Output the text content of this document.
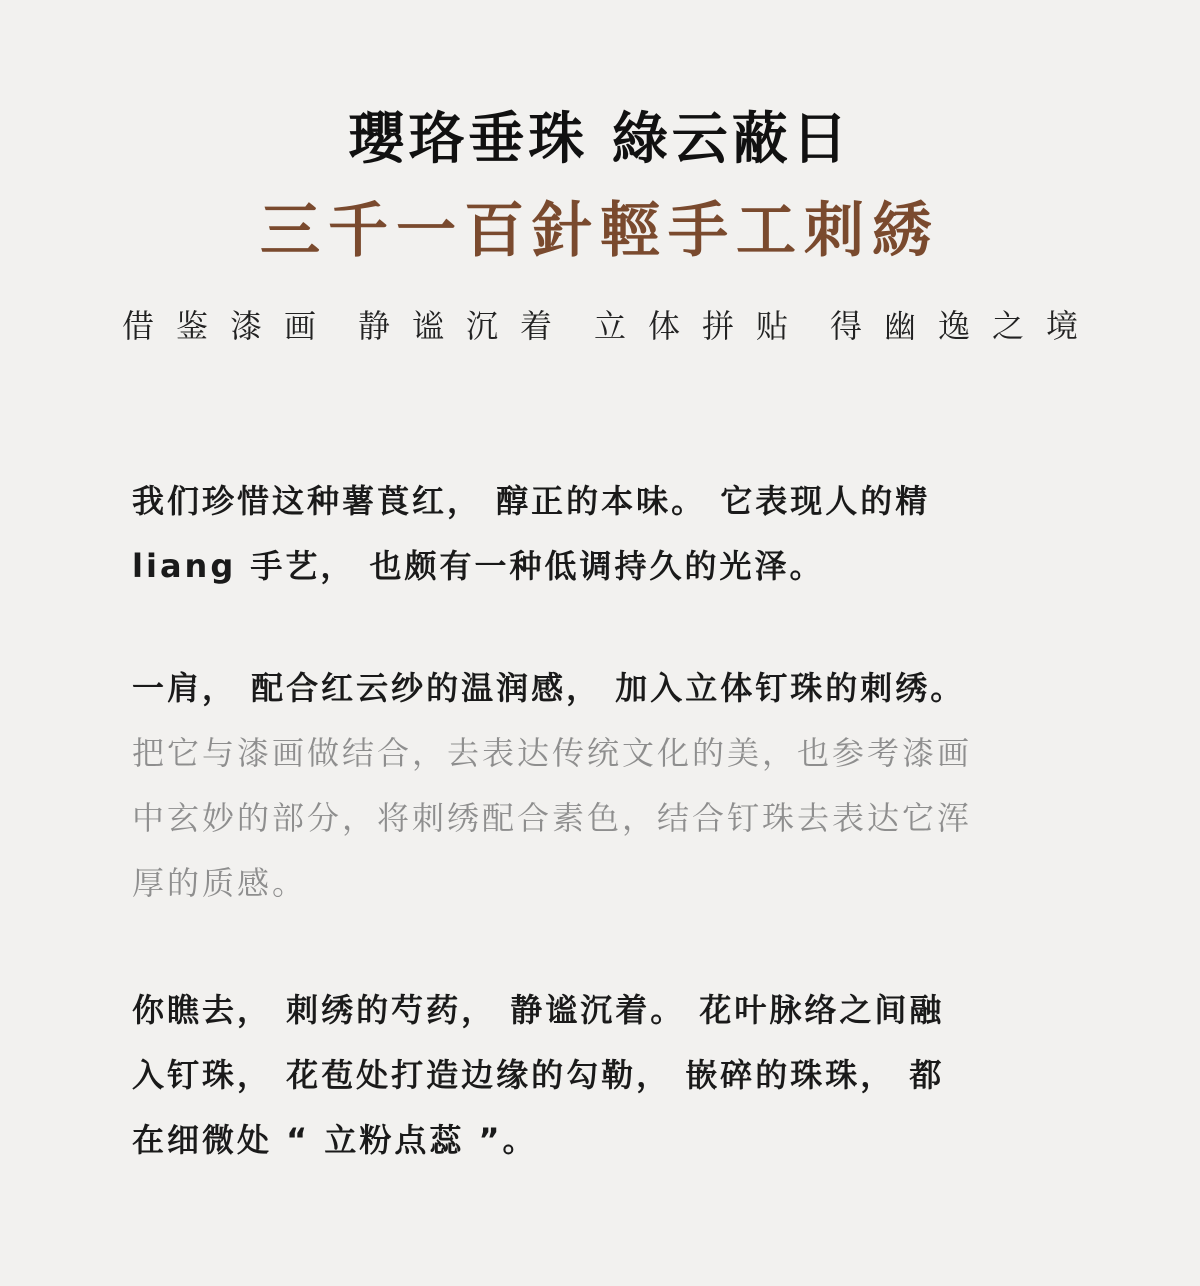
瓔珞垂珠 綠云蔽日
三千一百針輕手工刺綉
借鉴漆画 静谧沉着 立体拼贴 得幽逸之境
我们珍惜这种薯莨红， 醇正的本味。 它表现人的精
liang 手艺， 也颇有一种低调持久的光泽。
一肩， 配合红云纱的温润感， 加入立体钉珠的刺绣。
把它与漆画做结合，去表达传统文化的美，也参考漆画
中玄妙的部分，将刺绣配合素色，结合钉珠去表达它浑
厚的质感。
你瞧去， 刺绣的芍药， 静谧沉着。 花叶脉络之间融
入钉珠， 花苞处打造边缘的勾勒， 嵌碎的珠珠， 都
在细微处 “ 立粉点蕊 ”。
